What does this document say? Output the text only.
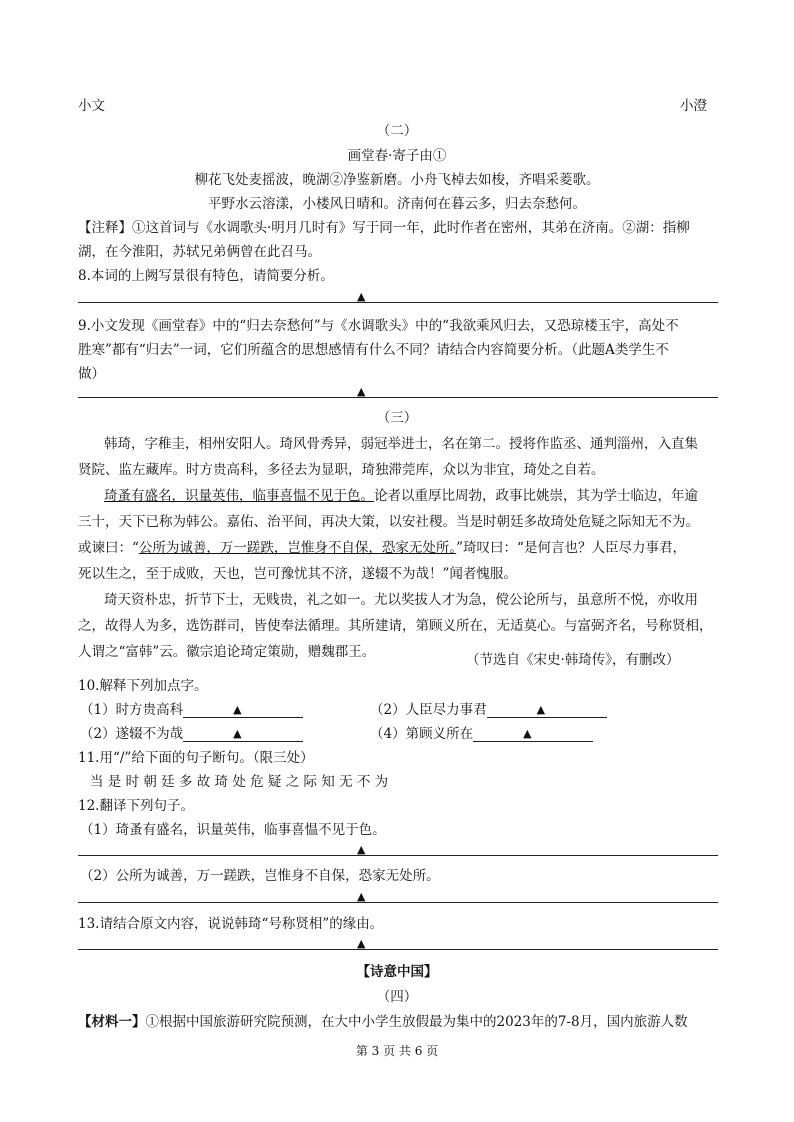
小文	小澄
（二）
画堂春·寄子由①
柳花飞处麦摇波，晚湖②净鉴新磨。小舟飞棹去如梭，齐唱采菱歌。
平野水云溶漾，小楼风日晴和。济南何在暮云多，归去奈愁何。
【注释】①这首词与《水调歌头·明月几时有》写于同一年，此时作者在密州，其弟在济南。②湖：指柳
湖，在今淮阳，苏轼兄弟俩曾在此召马。
8.本词的上阙写景很有特色，请简要分析。
▲
9.小文发现《画堂春》中的“归去奈愁何”与《水调歌头》中的“我欲乘风归去，又恐琼楼玉宇，高处不
胜寒”都有“归去”一词，它们所蕴含的思想感情有什么不同？请结合内容简要分析。（此题A类学生不
做）
▲
（三）
韩琦，字稚圭，相州安阳人。琦风骨秀异，弱冠举进士，名在第二。授将作监丞、通判淄州，入直集
贤院、监左藏库。时方贵高科，多径去为显职，琦独滞莞库，众以为非宜，琦处之自若。
琦蚤有盛名，识量英伟，临事喜愠不见于色。论者以重厚比周勃，政事比姚崇，其为学士临边，年逾
三十，天下已称为韩公。嘉佑、治平间，再决大策，以安社稷。当是时朝廷多故琦处危疑之际知无不为。
或谏曰：“公所为诚善，万一蹉跌，岂惟身不自保，恐家无处所。”琦叹曰：“是何言也？人臣尽力事君，
死以生之，至于成败，天也，岂可豫忧其不济，遂辍不为哉！”闻者愧服。
琦天资朴忠，折节下士，无贱贵，礼之如一。尤以奖拔人才为急，傥公论所与，虽意所不悦，亦收用
之，故得人为多，选饬群司，皆使奉法循理。其所建请，第顾义所在，无适莫心。与富弼齐名，号称贤相，
人谓之“富韩”云。徽宗追论琦定策勋，赠魏郡王。	（节选自《宋史·韩琦传》，有删改）
10.解释下列加点字。
（1）时方贵高科	▲	（2）人臣尽力事君	▲
（2）遂辍不为哉	▲	（4）第顾义所在	▲
11.用“/”给下面的句子断句。（限三处）
当 是 时 朝 廷 多 故 琦 处 危 疑 之 际 知 无 不 为
12.翻译下列句子。
（1）琦蚤有盛名，识量英伟，临事喜愠不见于色。
▲
（2）公所为诚善，万一蹉跌，岂惟身不自保，恐家无处所。
▲
13.请结合原文内容，说说韩琦“号称贤相”的缘由。
▲
【诗意中国】
（四）
【材料一】①根据中国旅游研究院预测，在大中小学生放假最为集中的2023年的7-8月，国内旅游人数
第 3 页 共 6 页
